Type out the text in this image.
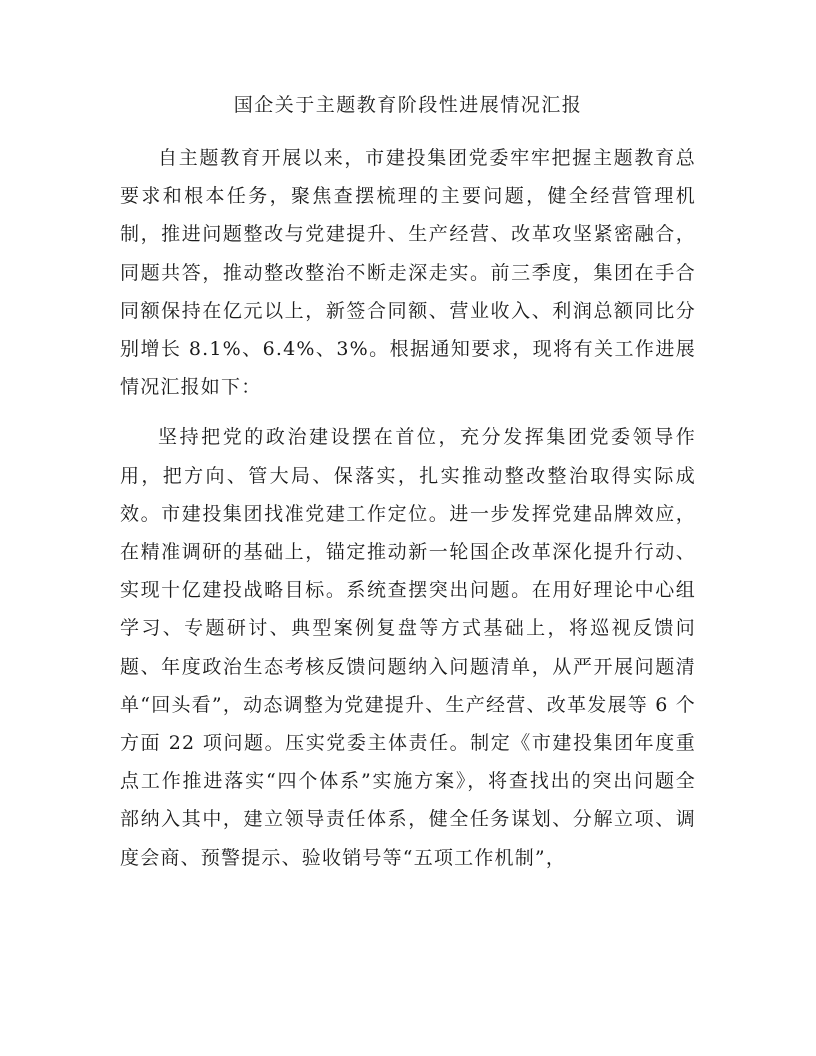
国企关于主题教育阶段性进展情况汇报

自主题教育开展以来，市建投集团党委牢牢把握主题教育总要求和根本任务，聚焦查摆梳理的主要问题，健全经营管理机制，推进问题整改与党建提升、生产经营、改革攻坚紧密融合，同题共答，推动整改整治不断走深走实。前三季度，集团在手合同额保持在亿元以上，新签合同额、营业收入、利润总额同比分别增长 8.1%、6.4%、3%。根据通知要求，现将有关工作进展情况汇报如下：

坚持把党的政治建设摆在首位，充分发挥集团党委领导作用，把方向、管大局、保落实，扎实推动整改整治取得实际成效。市建投集团找准党建工作定位。进一步发挥党建品牌效应，在精准调研的基础上，锚定推动新一轮国企改革深化提升行动、实现十亿建投战略目标。系统查摆突出问题。在用好理论中心组学习、专题研讨、典型案例复盘等方式基础上，将巡视反馈问题、年度政治生态考核反馈问题纳入问题清单，从严开展问题清单“回头看”，动态调整为党建提升、生产经营、改革发展等 6 个方面 22 项问题。压实党委主体责任。制定《市建投集团年度重点工作推进落实“四个体系”实施方案》，将查找出的突出问题全部纳入其中，建立领导责任体系，健全任务谋划、分解立项、调度会商、预警提示、验收销号等“五项工作机制”，
